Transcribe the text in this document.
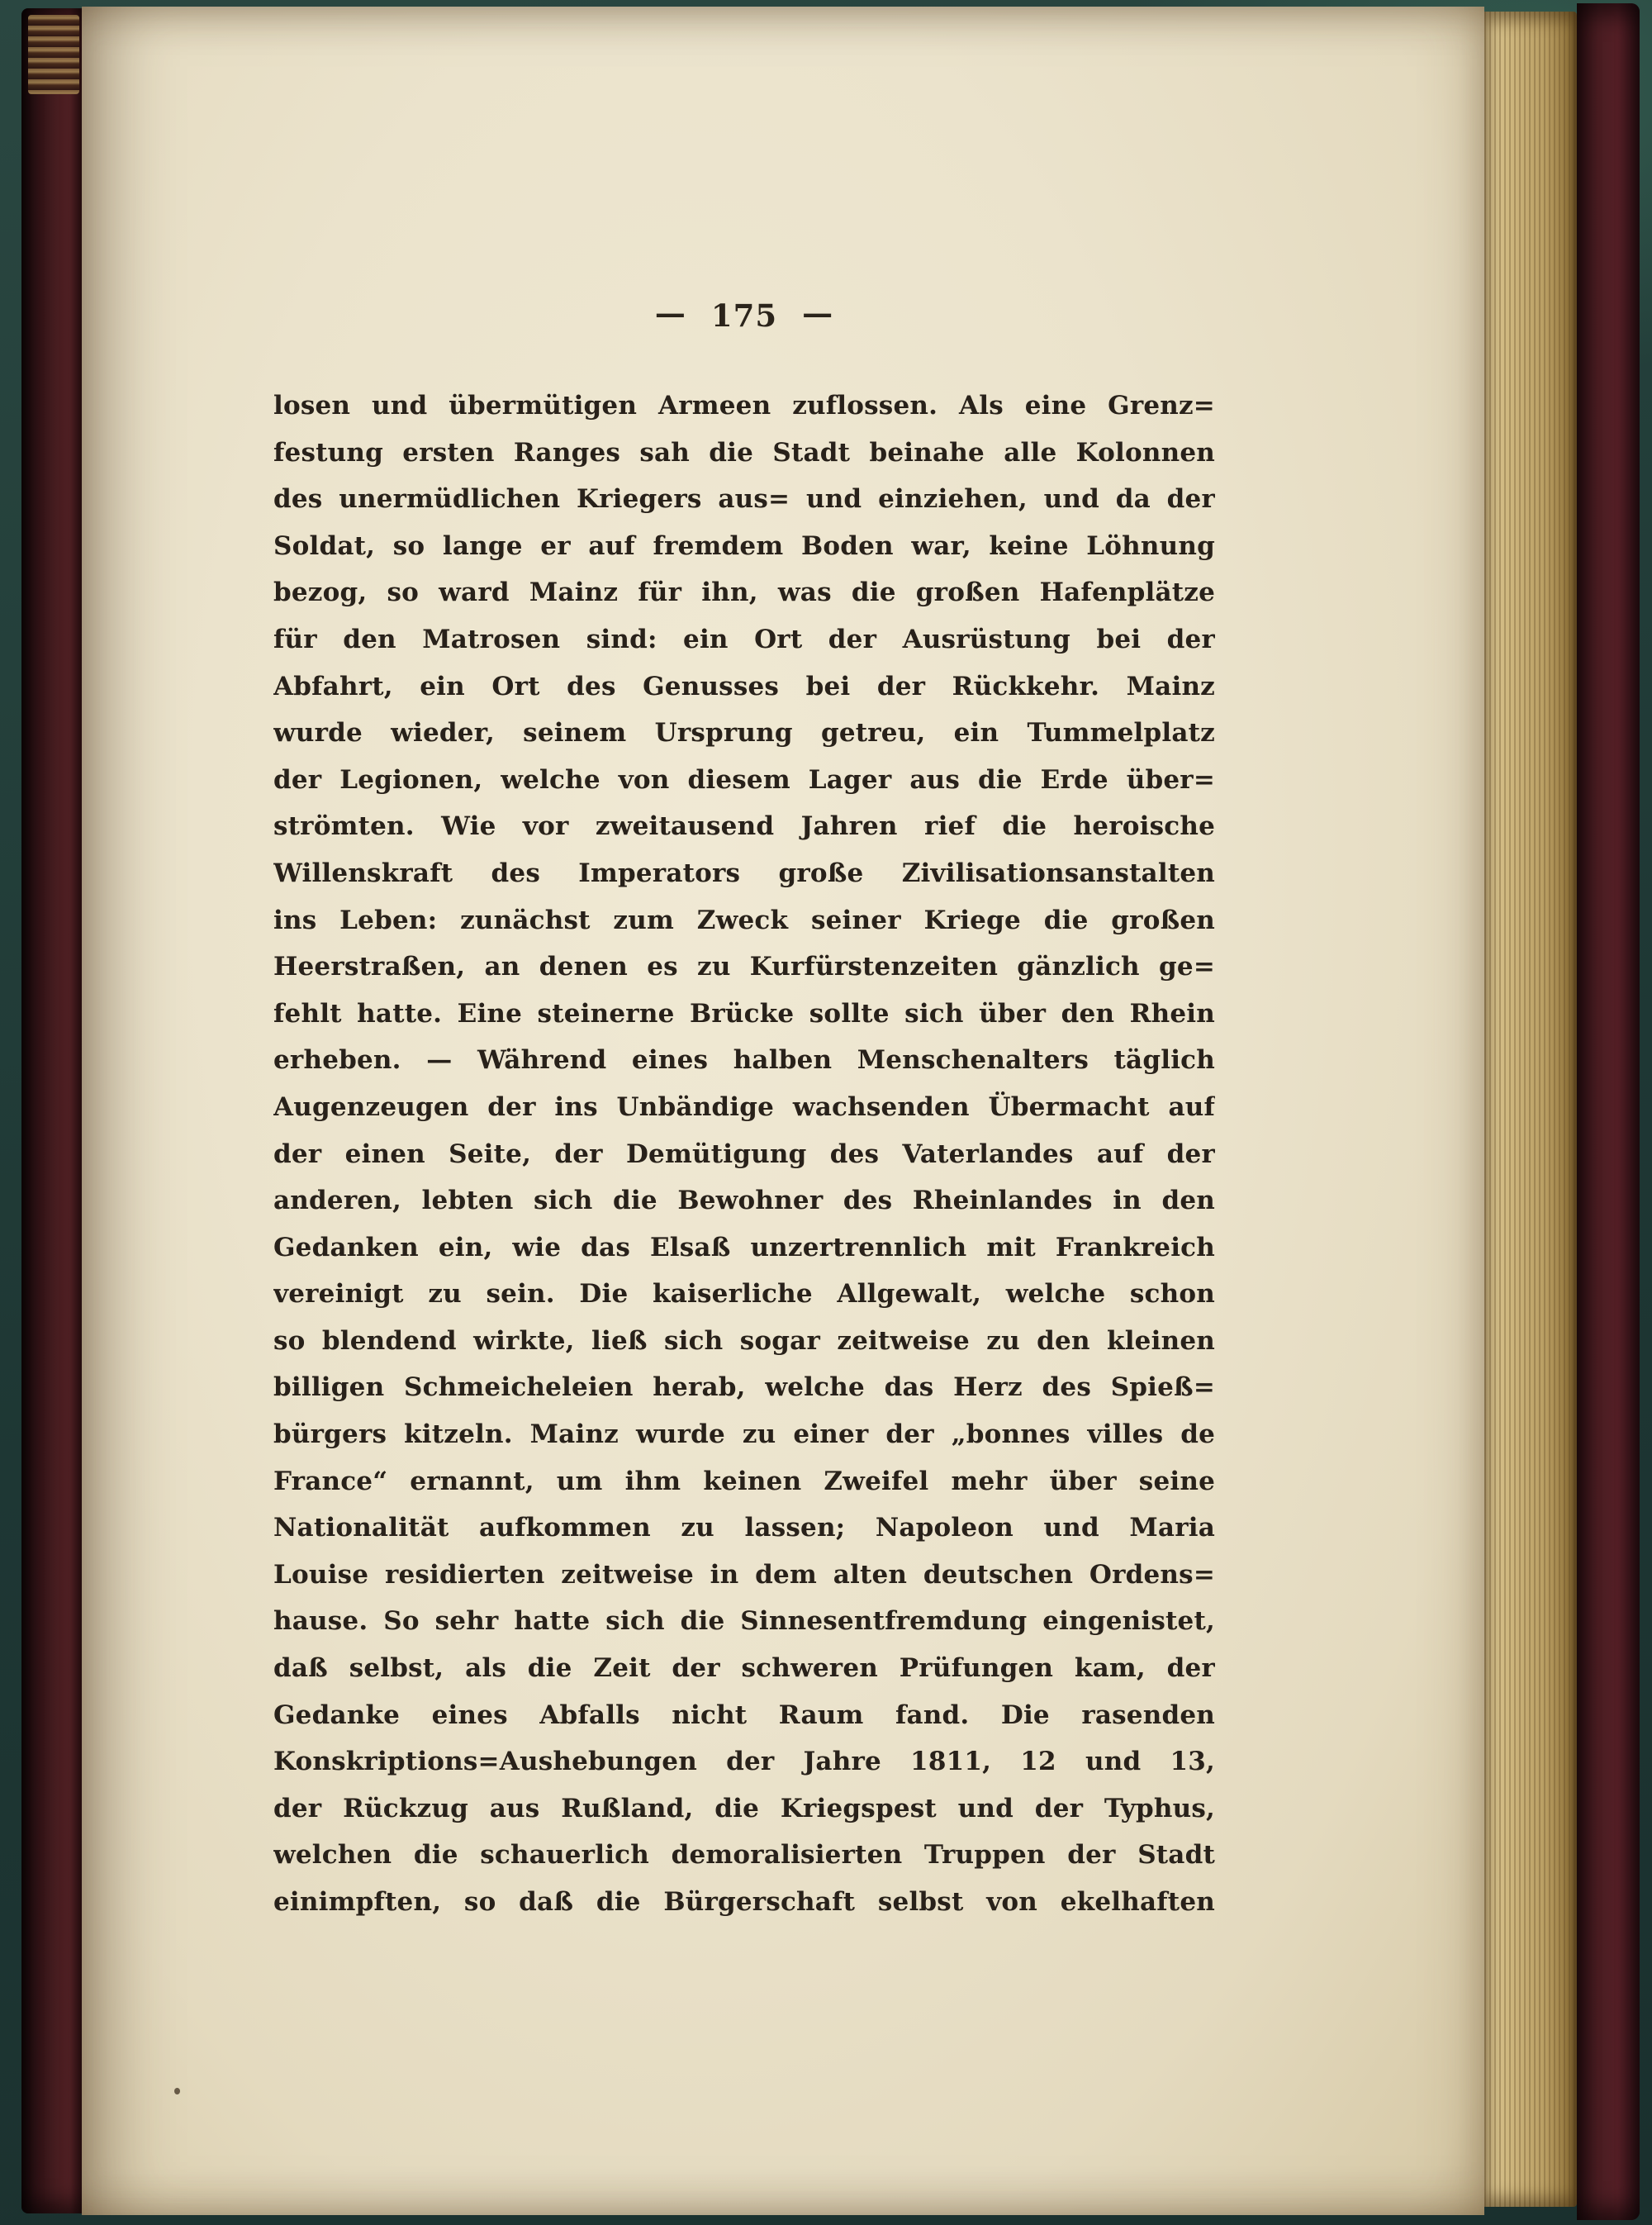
— 175 —
losen und übermütigen Armeen zuflossen. Als eine Grenz=
festung ersten Ranges sah die Stadt beinahe alle Kolonnen
des unermüdlichen Kriegers aus= und einziehen, und da der
Soldat, so lange er auf fremdem Boden war, keine Löhnung
bezog, so ward Mainz für ihn, was die großen Hafenplätze
für den Matrosen sind: ein Ort der Ausrüstung bei der
Abfahrt, ein Ort des Genusses bei der Rückkehr. Mainz
wurde wieder, seinem Ursprung getreu, ein Tummelplatz
der Legionen, welche von diesem Lager aus die Erde über=
strömten. Wie vor zweitausend Jahren rief die heroische
Willenskraft des Imperators große Zivilisationsanstalten
ins Leben: zunächst zum Zweck seiner Kriege die großen
Heerstraßen, an denen es zu Kurfürstenzeiten gänzlich ge=
fehlt hatte. Eine steinerne Brücke sollte sich über den Rhein
erheben. — Während eines halben Menschenalters täglich
Augenzeugen der ins Unbändige wachsenden Übermacht auf
der einen Seite, der Demütigung des Vaterlandes auf der
anderen, lebten sich die Bewohner des Rheinlandes in den
Gedanken ein, wie das Elsaß unzertrennlich mit Frankreich
vereinigt zu sein. Die kaiserliche Allgewalt, welche schon
so blendend wirkte, ließ sich sogar zeitweise zu den kleinen
billigen Schmeicheleien herab, welche das Herz des Spieß=
bürgers kitzeln. Mainz wurde zu einer der „bonnes villes de
France“ ernannt, um ihm keinen Zweifel mehr über seine
Nationalität aufkommen zu lassen; Napoleon und Maria
Louise residierten zeitweise in dem alten deutschen Ordens=
hause. So sehr hatte sich die Sinnesentfremdung eingenistet,
daß selbst, als die Zeit der schweren Prüfungen kam, der
Gedanke eines Abfalls nicht Raum fand. Die rasenden
Konskriptions=Aushebungen der Jahre 1811, 12 und 13,
der Rückzug aus Rußland, die Kriegspest und der Typhus,
welchen die schauerlich demoralisierten Truppen der Stadt
einimpften, so daß die Bürgerschaft selbst von ekelhaften
